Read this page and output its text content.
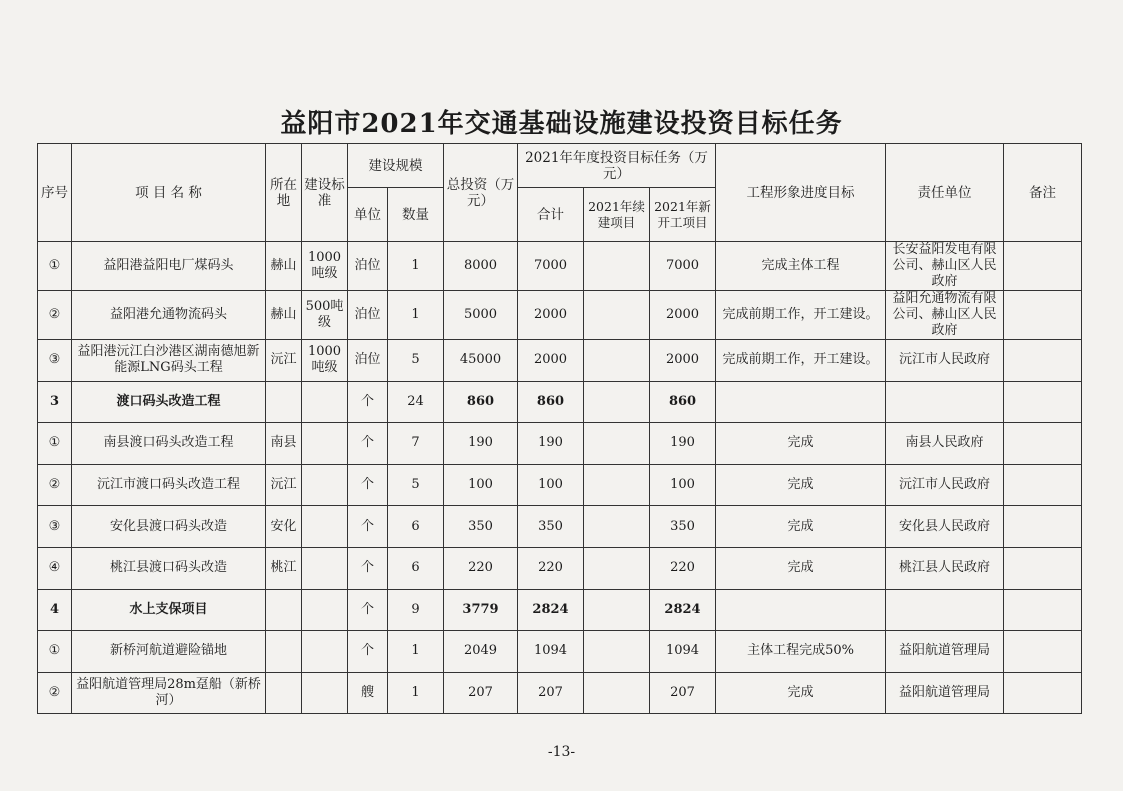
益阳市2021年交通基础设施建设投资目标任务
序号	项 目 名 称	所在地	建设标准	建设规模		总投资（万元）	2021年年度投资目标任务（万元）			工程形象进度目标	责任单位	备注
				单位	数量		合计	2021年续建项目	2021年新开工项目			
①	益阳港益阳电厂煤码头	赫山	1000吨级	泊位	1	8000	7000		7000	完成主体工程	长安益阳发电有限公司、赫山区人民政府	
②	益阳港允通物流码头	赫山	500吨级	泊位	1	5000	2000		2000	完成前期工作，开工建设。	益阳允通物流有限公司、赫山区人民政府	
③	益阳港沅江白沙港区湖南德旭新能源LNG码头工程	沅江	1000吨级	泊位	5	45000	2000		2000	完成前期工作，开工建设。	沅江市人民政府	
3	渡口码头改造工程			个	24	860	860		860			
①	南县渡口码头改造工程	南县		个	7	190	190		190	完成	南县人民政府	
②	沅江市渡口码头改造工程	沅江		个	5	100	100		100	完成	沅江市人民政府	
③	安化县渡口码头改造	安化		个	6	350	350		350	完成	安化县人民政府	
④	桃江县渡口码头改造	桃江		个	6	220	220		220	完成	桃江县人民政府	
4	水上支保项目			个	9	3779	2824		2824			
①	新桥河航道避险锚地			个	1	2049	1094		1094	主体工程完成50%	益阳航道管理局	
②	益阳航道管理局28m趸船（新桥河）			艘	1	207	207		207	完成	益阳航道管理局	
-13-
